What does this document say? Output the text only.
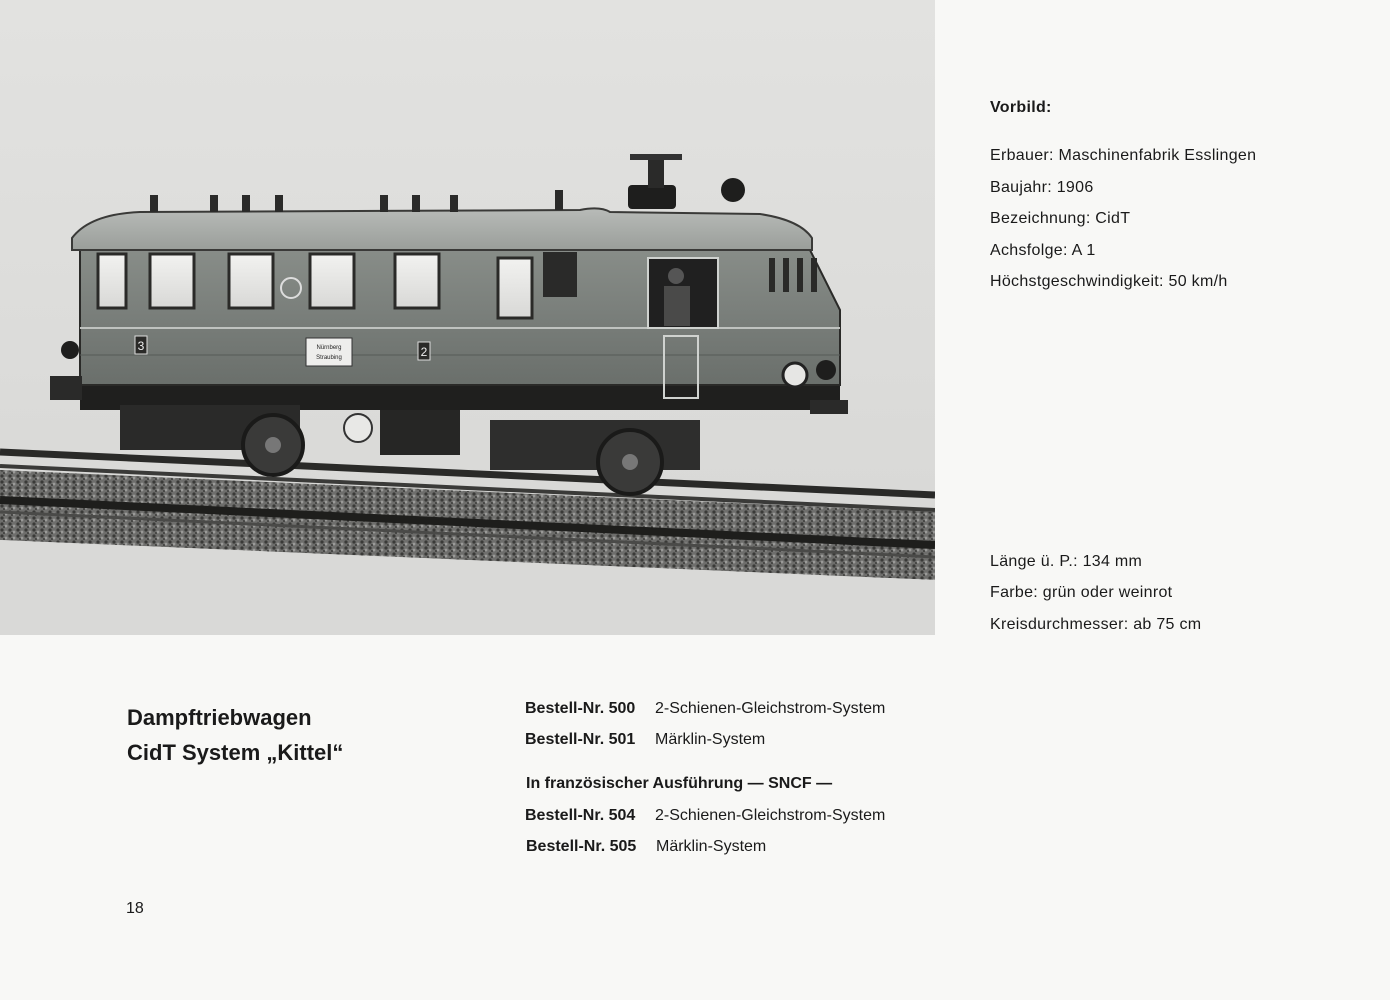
3	2
Nürnberg
Straubing
Vorbild:
Erbauer: Maschinenfabrik Esslingen
Baujahr: 1906
Bezeichnung: CidT
Achsfolge: A 1
Höchstgeschwindigkeit: 50 km/h
Länge ü. P.: 134 mm
Farbe: grün oder weinrot
Kreisdurchmesser: ab 75 cm
Dampftriebwagen
CidT System „Kittel“
Bestell-Nr. 500 2-Schienen-Gleichstrom-System
Bestell-Nr. 501 Märklin-System
In französischer Ausführung — SNCF —
Bestell-Nr. 504 2-Schienen-Gleichstrom-System
Bestell-Nr. 505 Märklin-System
18
